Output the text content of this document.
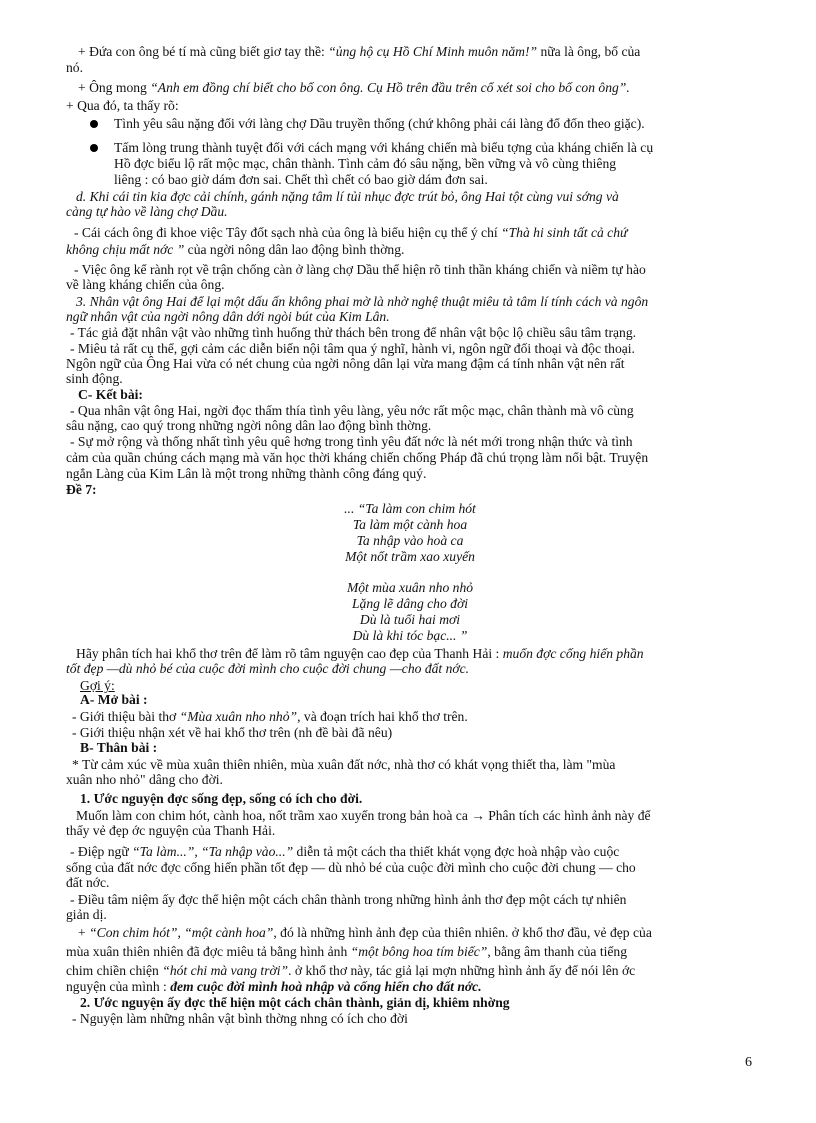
+ Đứa con ông bé tí mà cũng biết giơ tay thề: “ủng hộ cụ Hồ Chí Minh muôn năm!” nữa là ông, bố của
nó.
+ Ông mong “Anh em đồng chí biết cho bố con ông. Cụ Hồ trên đầu trên cổ xét soi cho bố con ông”.
+ Qua đó, ta thấy rõ:
Tình yêu sâu nặng đối với làng chợ Dầu truyền thống (chứ không phải cái làng đổ đốn theo giặc).
Tấm lòng trung thành tuyệt đối với cách mạng với kháng chiến mà biểu tợng của kháng chiến là cụ
Hồ đợc biểu lộ rất mộc mạc, chân thành. Tình cảm đó sâu nặng, bền vững và vô cùng thiêng
liêng : có bao giờ dám đơn sai. Chết thì chết có bao giờ dám đơn sai.
d. Khi cái tin kia đợc cải chính, gánh nặng tâm lí tủi nhục đợc trút bỏ, ông Hai tột cùng vui sớng và
càng tự hào về làng chợ Dầu.
- Cái cách ông đi khoe việc Tây đốt sạch nhà của ông là biểu hiện cụ thể ý chí “Thà hi sinh tất cả chứ
không chịu mất nớc ” của ngời nông dân lao động bình thờng.
- Việc ông kể rành rọt về trận chống càn ở làng chợ Dầu thể hiện rõ tinh thần kháng chiến và niềm tự hào
về làng kháng chiến của ông.
3. Nhân vật ông Hai để lại một dấu ấn không phai mờ là nhờ nghệ thuật miêu tả tâm lí tính cách và ngôn
ngữ nhân vật của ngời nông dân dới ngòi bút của Kim Lân.
- Tác giả đặt nhân vật vào những tình huống thử thách bên trong để nhân vật bộc lộ chiều sâu tâm trạng.
- Miêu tả rất cụ thể, gợi cảm các diễn biến nội tâm qua ý nghĩ, hành vi, ngôn ngữ đối thoại và độc thoại.
Ngôn ngữ của Ông Hai vừa có nét chung của ngời nông dân lại vừa mang đậm cá tính nhân vật nên rất
sinh động.
C- Kết bài:
- Qua nhân vật ông Hai, ngời đọc thấm thía tình yêu làng, yêu nớc rất mộc mạc, chân thành mà vô cùng
sâu nặng, cao quý trong những ngời nông dân lao động bình thờng.
- Sự mở rộng và thống nhất tình yêu quê hơng trong tình yêu đất nớc là nét mới trong nhận thức và tình
cảm của quần chúng cách mạng mà văn học thời kháng chiến chống Pháp đã chú trọng làm nổi bật. Truyện
ngắn Làng của Kim Lân là một trong những thành công đáng quý.
Đề 7:
... “Ta làm con chim hót
Ta làm một cành hoa
Ta nhập vào hoà ca
Một nốt trầm xao xuyến
Một mùa xuân nho nhỏ
Lặng lẽ dâng cho đời
Dù là tuổi hai mơi
Dù là khi tóc bạc... ”
Hãy phân tích hai khổ thơ trên để làm rõ tâm nguyện cao đẹp của Thanh Hải : muốn đợc cống hiến phần
tốt đẹp —dù nhỏ bé của cuộc đời mình cho cuộc đời chung —cho đất nớc.
Gợi ý:
A- Mở bài :
- Giới thiệu bài thơ “Mùa xuân nho nhỏ”, và đoạn trích hai khổ thơ trên.
- Giới thiệu nhận xét về hai khổ thơ trên (nh đề bài đã nêu)
B- Thân bài :
* Từ cảm xúc về mùa xuân thiên nhiên, mùa xuân đất nớc, nhà thơ có khát vọng thiết tha, làm "mùa
xuân nho nhỏ" dâng cho đời.
1. Ước nguyện đợc sống đẹp, sống có ích cho đời.
Muốn làm con chim hót, cành hoa, nốt trầm xao xuyến trong bản hoà ca → Phân tích các hình ảnh này để
thấy vẻ đẹp ớc nguyện của Thanh Hải.
- Điệp ngữ “Ta làm...”, “Ta nhập vào...” diễn tả một cách tha thiết khát vọng đợc hoà nhập vào cuộc
sống của đất nớc đợc cống hiến phần tốt đẹp — dù nhỏ bé của cuộc đời mình cho cuộc đời chung — cho
đất nớc.
- Điều tâm niệm ấy đợc thể hiện một cách chân thành trong những hình ảnh thơ đẹp một cách tự nhiên
giản dị.
+ “Con chim hót”, “một cành hoa”, đó là những hình ảnh đẹp của thiên nhiên. ở khổ thơ đầu, vẻ đẹp của
mùa xuân thiên nhiên đã đợc miêu tả bằng hình ảnh “một bông hoa tím biếc”, bằng âm thanh của tiếng
chim chiền chiện “hót chi mà vang trời”. ở khổ thơ này, tác giả lại mợn những hình ảnh ấy để nói lên ớc
nguyện của mình : đem cuộc đời mình hoà nhập và cống hiến cho đất nớc.
2. Ước nguyện ấy đợc thể hiện một cách chân thành, giản dị, khiêm nhờng
- Nguyện làm những nhân vật bình thờng nhng có ích cho đời
6
